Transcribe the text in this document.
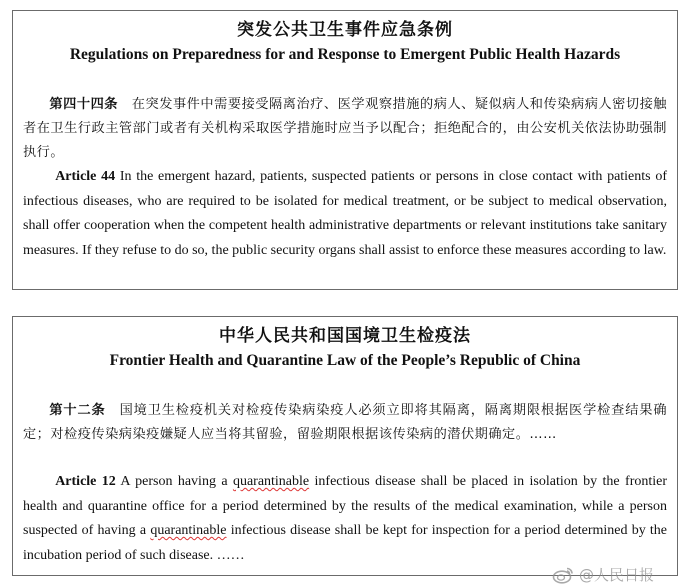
突发公共卫生事件应急条例
Regulations on Preparedness for and Response to Emergent Public Health Hazards
第四十四条　 在突发事件中需要接受隔离治疗、医学观察措施的病人、疑似病人和传染病病人密切接触者在卫生行政主管部门或者有关机构采取医学措施时应当予以配合；拒绝配合的，由公安机关依法协助强制执行。
Article 44 In the emergent hazard, patients, suspected patients or persons in close contact with patients of infectious diseases, who are required to be isolated for medical treatment, or be subject to medical observation, shall offer cooperation when the competent health administrative departments or relevant institutions take sanitary measures. If they refuse to do so, the public security organs shall assist to enforce these measures according to law.
中华人民共和国国境卫生检疫法
Frontier Health and Quarantine Law of the People’s Republic of China
第十二条　 国境卫生检疫机关对检疫传染病染疫人必须立即将其隔离，隔离期限根据医学检查结果确定；对检疫传染病染疫嫌疑人应当将其留验，留验期限根据该传染病的潜伏期确定。……
Article 12 A person having a quarantinable infectious disease shall be placed in isolation by the frontier health and quarantine office for a period determined by the results of the medical examination, while a person suspected of having a quarantinable infectious disease shall be kept for inspection for a period determined by the incubation period of such disease. ……
@人民日报
